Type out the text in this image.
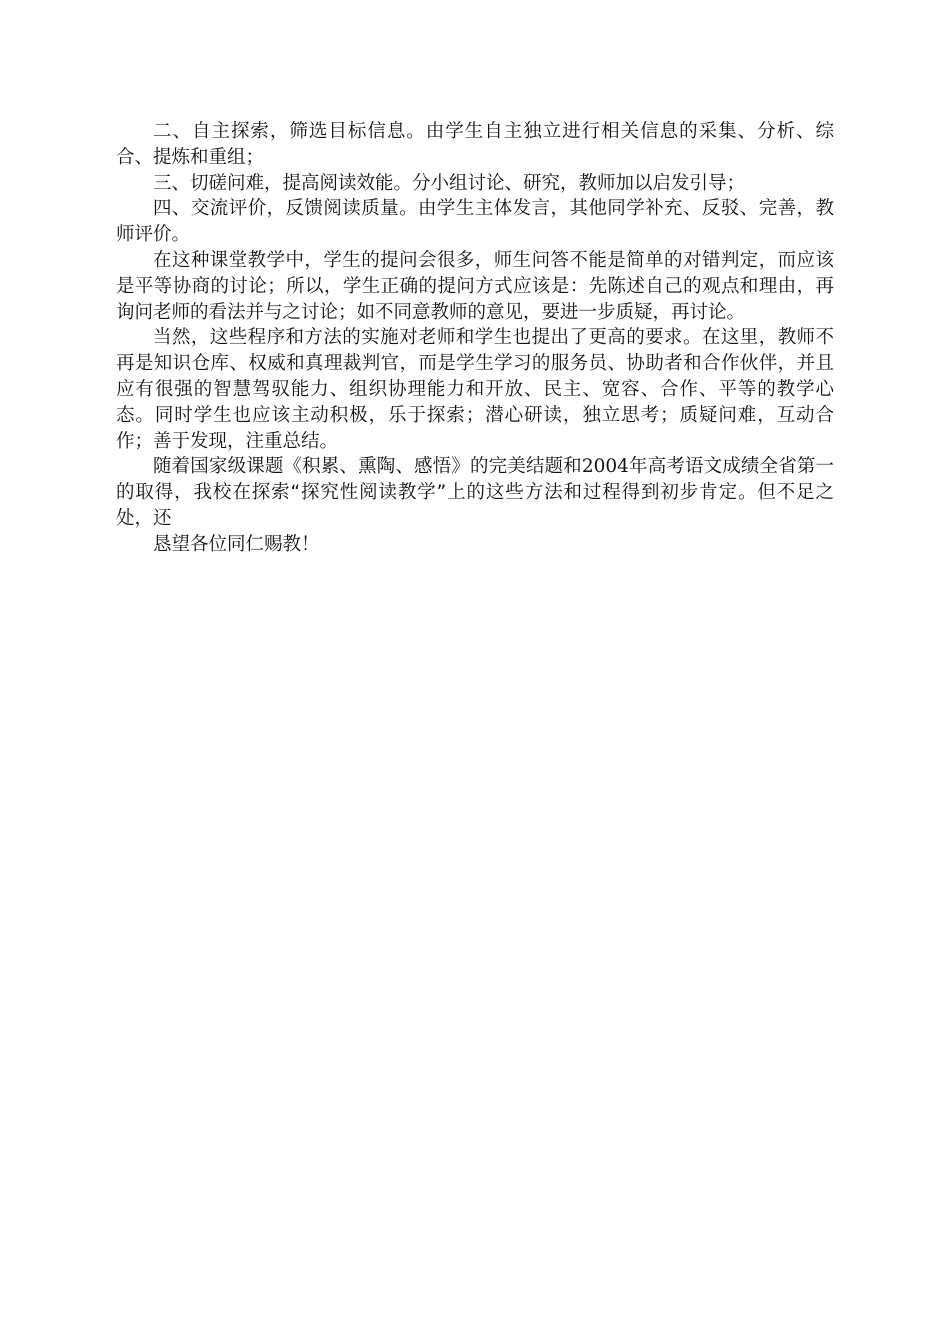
二、自主探索，筛选目标信息。由学生自主独立进行相关信息的采集、分析、综合、提炼和重组；

三、切磋问难，提高阅读效能。分小组讨论、研究，教师加以启发引导；

四、交流评价，反馈阅读质量。由学生主体发言，其他同学补充、反驳、完善，教师评价。

在这种课堂教学中，学生的提问会很多，师生问答不能是简单的对错判定，而应该是平等协商的讨论；所以，学生正确的提问方式应该是：先陈述自己的观点和理由，再询问老师的看法并与之讨论；如不同意教师的意见，要进一步质疑，再讨论。

当然，这些程序和方法的实施对老师和学生也提出了更高的要求。在这里，教师不再是知识仓库、权威和真理裁判官，而是学生学习的服务员、协助者和合作伙伴，并且应有很强的智慧驾驭能力、组织协理能力和开放、民主、宽容、合作、平等的教学心态。同时学生也应该主动积极，乐于探索；潜心研读，独立思考；质疑问难，互动合作；善于发现，注重总结。

随着国家级课题《积累、熏陶、感悟》的完美结题和2004年高考语文成绩全省第一的取得，我校在探索“探究性阅读教学”上的这些方法和过程得到初步肯定。但不足之处，还

恳望各位同仁赐教！
